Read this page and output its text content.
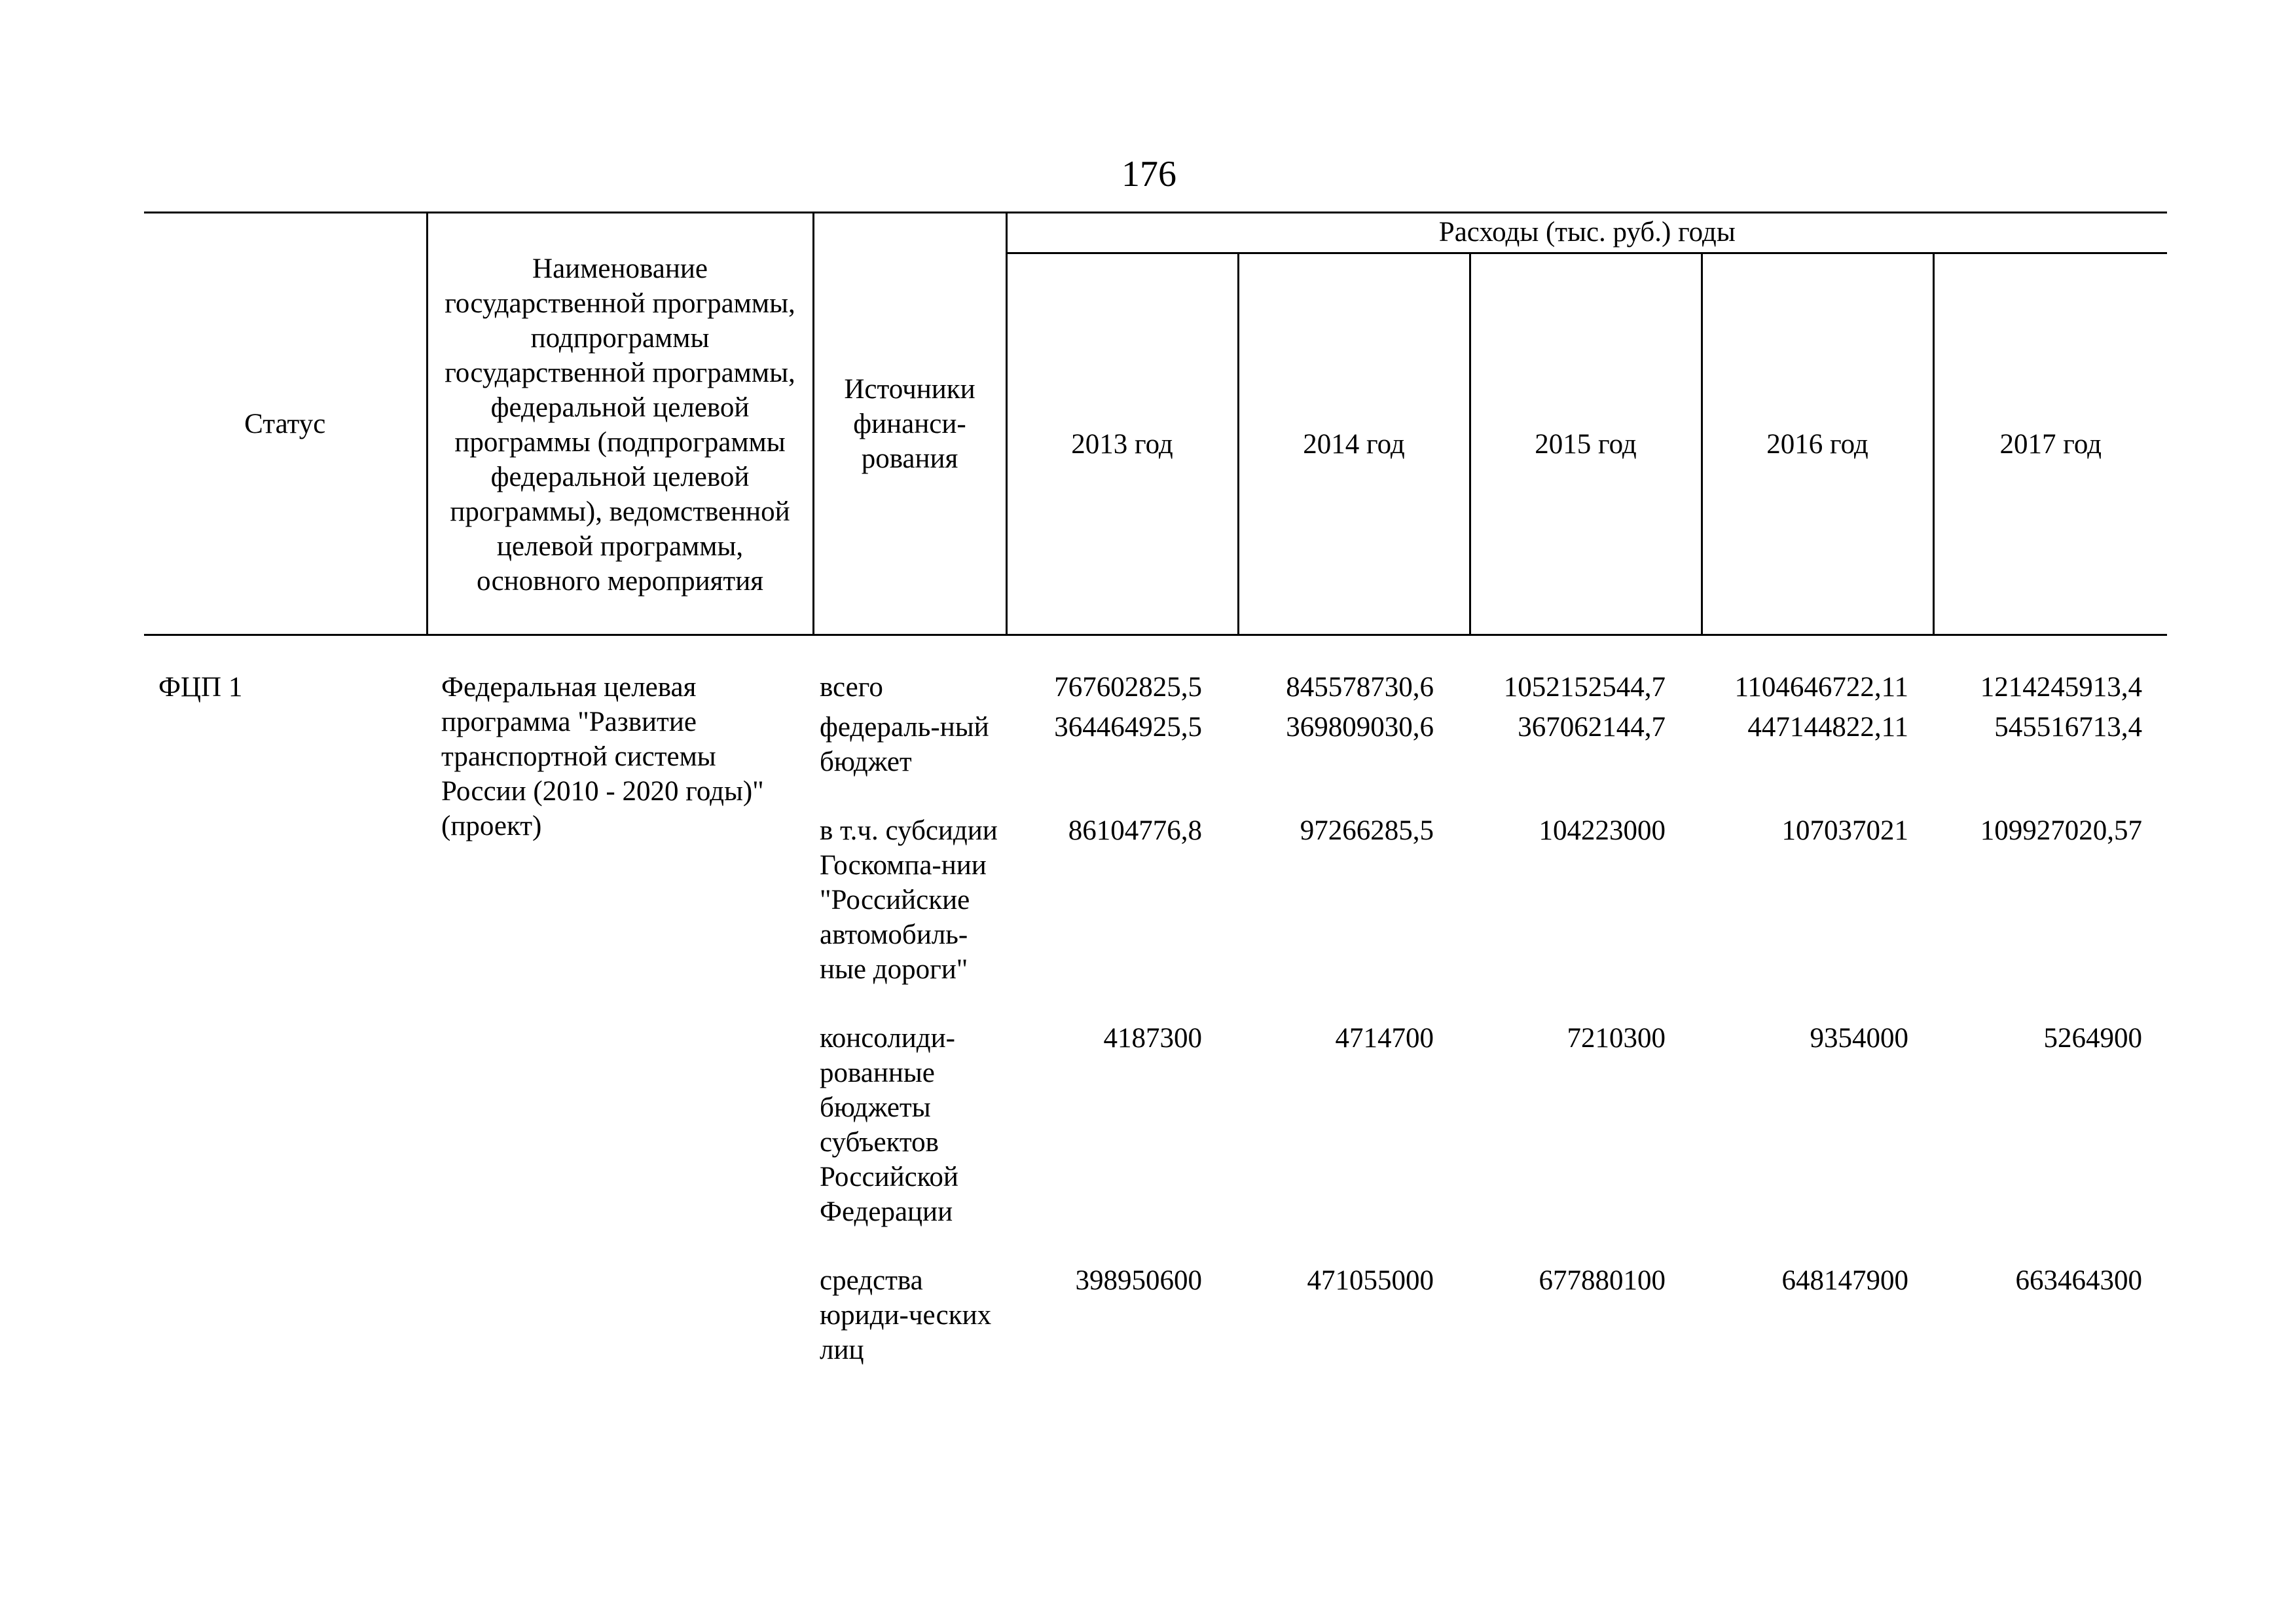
176
Статус	Наименование государственной программы, подпрограммы государственной программы, федеральной целевой программы (подпрограммы федеральной целевой программы), ведомственной целевой программы, основного мероприятия	Источники финанси-рования	Расходы (тыс. руб.) годы				
			2013 год	2014 год	2015 год	2016 год	2017 год
ФЦП 1	Федеральная целевая программа "Развитие транспортной системы России (2010 - 2020 годы)" (проект)	всего	767602825,5	845578730,6	1052152544,7	1104646722,11	1214245913,4
		федераль-ный бюджет	364464925,5	369809030,6	367062144,7	447144822,11	545516713,4
		в т.ч. субсидии Госкомпа-нии "Российские автомобиль-ные дороги"	86104776,8	97266285,5	104223000	107037021	109927020,57
		консолиди-рованные бюджеты субъектов Российской Федерации	4187300	4714700	7210300	9354000	5264900
		средства юриди-ческих лиц	398950600	471055000	677880100	648147900	663464300
